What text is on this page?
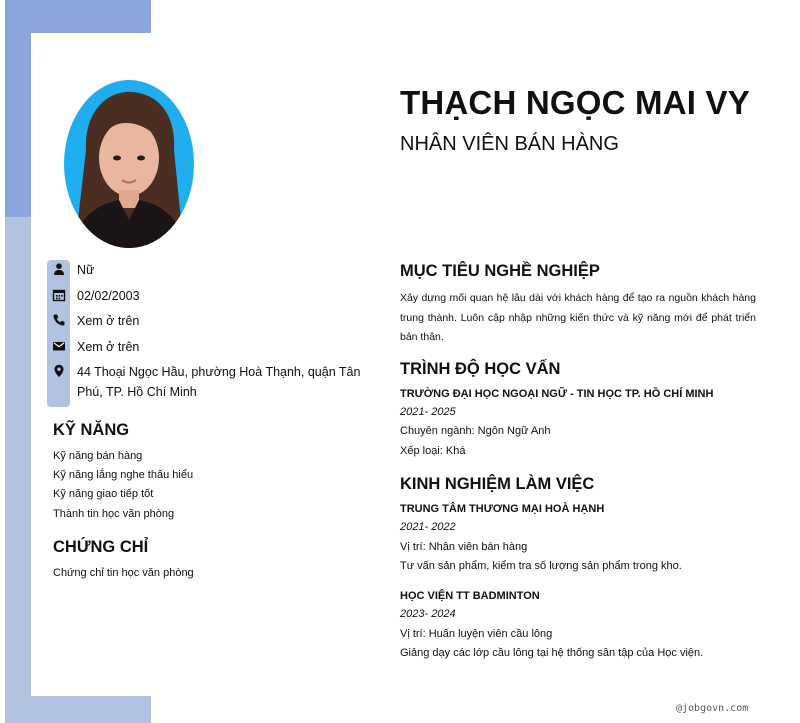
THẠCH NGỌC MAI VY
NHÂN VIÊN BÁN HÀNG
Nữ
02/02/2003
Xem ở trên
Xem ở trên
44 Thoại Ngọc Hầu, phường Hoà Thạnh, quận Tân Phú, TP. Hồ Chí Minh
KỸ NĂNG

Kỹ năng bán hàng

Kỹ năng lắng nghe thấu hiểu

Kỹ năng giao tiếp tốt

Thành tin học văn phòng

CHỨNG CHỈ

Chứng chỉ tin học văn phòng

MỤC TIÊU NGHỀ NGHIỆP

Xây dựng mối quan hệ lâu dài với khách hàng để tạo ra nguồn khách hàng trung thành. Luôn cập nhập những kiến thức và kỹ năng mới để phát triển bản thân.

TRÌNH ĐỘ HỌC VẤN

TRƯỜNG ĐẠI HỌC NGOẠI NGỮ - TIN HỌC TP. HỒ CHÍ MINH

2021- 2025

Chuyên ngành: Ngôn Ngữ Anh

Xếp loại: Khá

KINH NGHIỆM LÀM VIỆC

TRUNG TÂM THƯƠNG MẠI HOÀ HẠNH

2021- 2022

Vị trí: Nhân viên bán hàng

Tư vấn sản phẩm, kiểm tra số lượng sản phẩm trong kho.

HỌC VIỆN TT BADMINTON

2023- 2024

Vị trí: Huấn luyện viên cầu lông

Giảng dạy các lớp cầu lông tại hệ thống sân tập của Học viện.

@jobgovn.com
